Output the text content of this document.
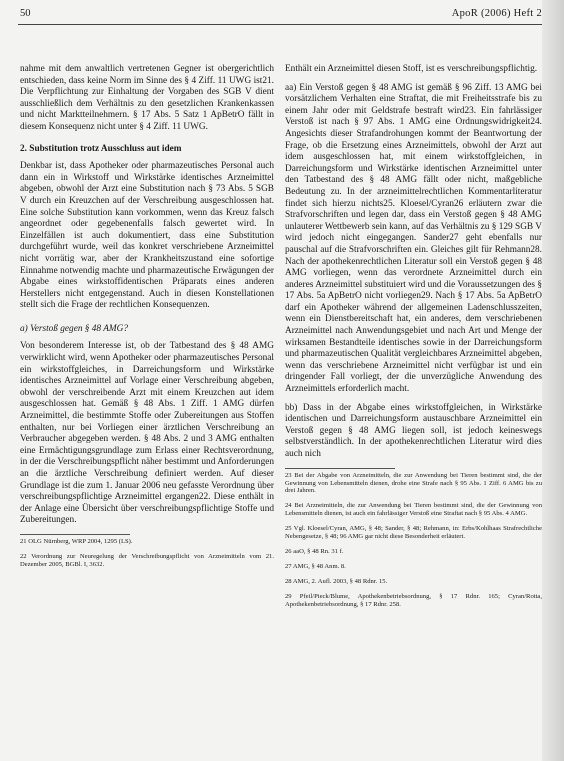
50	ApoR (2006) Heft 2

nahme mit dem anwaltlich vertretenen Gegner ist obergerichtlich entschieden, dass keine Norm im Sinne des § 4 Ziff. 11 UWG ist21. Die Verpflichtung zur Einhaltung der Vorgaben des SGB V dient ausschließlich dem Verhältnis zu den gesetzlichen Krankenkassen und nicht Marktteilnehmern. § 17 Abs. 5 Satz 1 ApBetrO fällt in diesem Konsequenz nicht unter § 4 Ziff. 11 UWG.

2. Substitution trotz Ausschluss aut idem

Denkbar ist, dass Apotheker oder pharmazeutisches Personal auch dann ein in Wirkstoff und Wirkstärke identisches Arzneimittel abgeben, obwohl der Arzt eine Substitution nach § 73 Abs. 5 SGB V durch ein Kreuzchen auf der Verschreibung ausgeschlossen hat. Eine solche Substitution kann vorkommen, wenn das Kreuz falsch angeordnet oder gegebenenfalls falsch gewertet wird. In Einzelfällen ist auch dokumentiert, dass eine Substitution durchgeführt wurde, weil das konkret verschriebene Arzneimittel nicht vorrätig war, aber der Krankheitszustand eine sofortige Einnahme notwendig machte und pharmazeutische Erwägungen der Abgabe eines wirkstoffidentischen Präparats eines anderen Herstellers nicht entgegenstand. Auch in diesen Konstellationen stellt sich die Frage der rechtlichen Konsequenzen.

a) Verstoß gegen § 48 AMG?

Von besonderem Interesse ist, ob der Tatbestand des § 48 AMG verwirklicht wird, wenn Apotheker oder pharmazeutisches Personal ein wirkstoffgleiches, in Darreichungsform und Wirkstärke identisches Arzneimittel auf Vorlage einer Verschreibung abgeben, obwohl der verschreibende Arzt mit einem Kreuzchen aut idem ausgeschlossen hat. Gemäß § 48 Abs. 1 Ziff. 1 AMG dürfen Arzneimittel, die bestimmte Stoffe oder Zubereitungen aus Stoffen enthalten, nur bei Vorliegen einer ärztlichen Verschreibung an Verbraucher abgegeben werden. § 48 Abs. 2 und 3 AMG enthalten eine Ermächtigungsgrundlage zum Erlass einer Rechtsverordnung, in der die Verschreibungspflicht näher bestimmt und Anforderungen an die ärztliche Verschreibung definiert werden. Auf dieser Grundlage ist die zum 1. Januar 2006 neu gefasste Verordnung über verschreibungspflichtige Arzneimittel ergangen22. Diese enthält in der Anlage eine Übersicht über verschreibungspflichtige Stoffe und Zubereitungen.

21 OLG Nürnberg, WRP 2004, 1295 (LS).

22 Verordnung zur Neuregelung der Verschreibungspflicht von Arzneimitteln vom 21. Dezember 2005, BGBl. I, 3632.

Enthält ein Arzneimittel diesen Stoff, ist es verschreibungspflichtig.

aa) Ein Verstoß gegen § 48 AMG ist gemäß § 96 Ziff. 13 AMG bei vorsätzlichem Verhalten eine Straftat, die mit Freiheitsstrafe bis zu einem Jahr oder mit Geldstrafe bestraft wird23. Ein fahrlässiger Verstoß ist nach § 97 Abs. 1 AMG eine Ordnungswidrigkeit24. Angesichts dieser Strafandrohungen kommt der Beantwortung der Frage, ob die Ersetzung eines Arzneimittels, obwohl der Arzt aut idem ausgeschlossen hat, mit einem wirkstoffgleichen, in Darreichungsform und Wirkstärke identischen Arzneimittel unter den Tatbestand des § 48 AMG fällt oder nicht, maßgebliche Bedeutung zu. In der arzneimittelrechtlichen Kommentarliteratur findet sich hierzu nichts25. Kloesel/Cyran26 erläutern zwar die Strafvorschriften und legen dar, dass ein Verstoß gegen § 48 AMG unlauterer Wettbewerb sein kann, auf das Verhältnis zu § 129 SGB V wird jedoch nicht eingegangen. Sander27 geht ebenfalls nur pauschal auf die Strafvorschriften ein. Gleiches gilt für Rehmann28. Nach der apothekenrechtlichen Literatur soll ein Verstoß gegen § 48 AMG vorliegen, wenn das verordnete Arzneimittel durch ein anderes Arzneimittel substituiert wird und die Voraussetzungen des § 17 Abs. 5a ApBetrO nicht vorliegen29. Nach § 17 Abs. 5a ApBetrO darf ein Apotheker während der allgemeinen Ladenschlusszeiten, wenn ein Dienstbereitschaft hat, ein anderes, dem verschriebenen Arzneimittel nach Anwendungsgebiet und nach Art und Menge der wirksamen Bestandteile identisches sowie in der Darreichungsform und pharmazeutischen Qualität vergleichbares Arzneimittel abgeben, wenn das verschriebene Arzneimittel nicht verfügbar ist und ein dringender Fall vorliegt, der die unverzügliche Anwendung des Arzneimittels erforderlich macht.

bb) Dass in der Abgabe eines wirkstoffgleichen, in Wirkstärke identischen und Darreichungsform austauschbare Arzneimittel ein Verstoß gegen § 48 AMG liegen soll, ist jedoch keineswegs selbstverständlich. In der apothekenrechtlichen Literatur wird dies auch nich

23 Bei der Abgabe von Arzneimitteln, die zur Anwendung bei Tieren bestimmt sind, die der Gewinnung von Lebensmitteln dienen, drohe eine Strafe nach § 95 Abs. 1 Ziff. 6 AMG bis zu drei Jahren.

24 Bei Arzneimitteln, die zur Anwendung bei Tieren bestimmt sind, die der Gewinnung von Lebensmitteln dienen, ist auch ein fahrlässiger Verstoß eine Straftat nach § 95 Abs. 4 AMG.

25 Vgl. Kloesel/Cyran, AMG, § 48; Sander, § 48; Rehmann, in: Erbs/Kohlhaas Strafrechtliche Nebengesetze, § 48; 96 AMG gar nicht diese Besonderheit erläutert.

26 aaO, § 48 Rn. 31 f.

27 AMG, § 48 Anm. 8.

28 AMG, 2. Aufl. 2003, § 48 Rdnr. 15.

29 Pfeil/Pieck/Blume, Apothekenbetriebsordnung, § 17 Rdnr. 165; Cyran/Rotta, Apothekenbetriebsordnung, § 17 Rdnr. 258.
